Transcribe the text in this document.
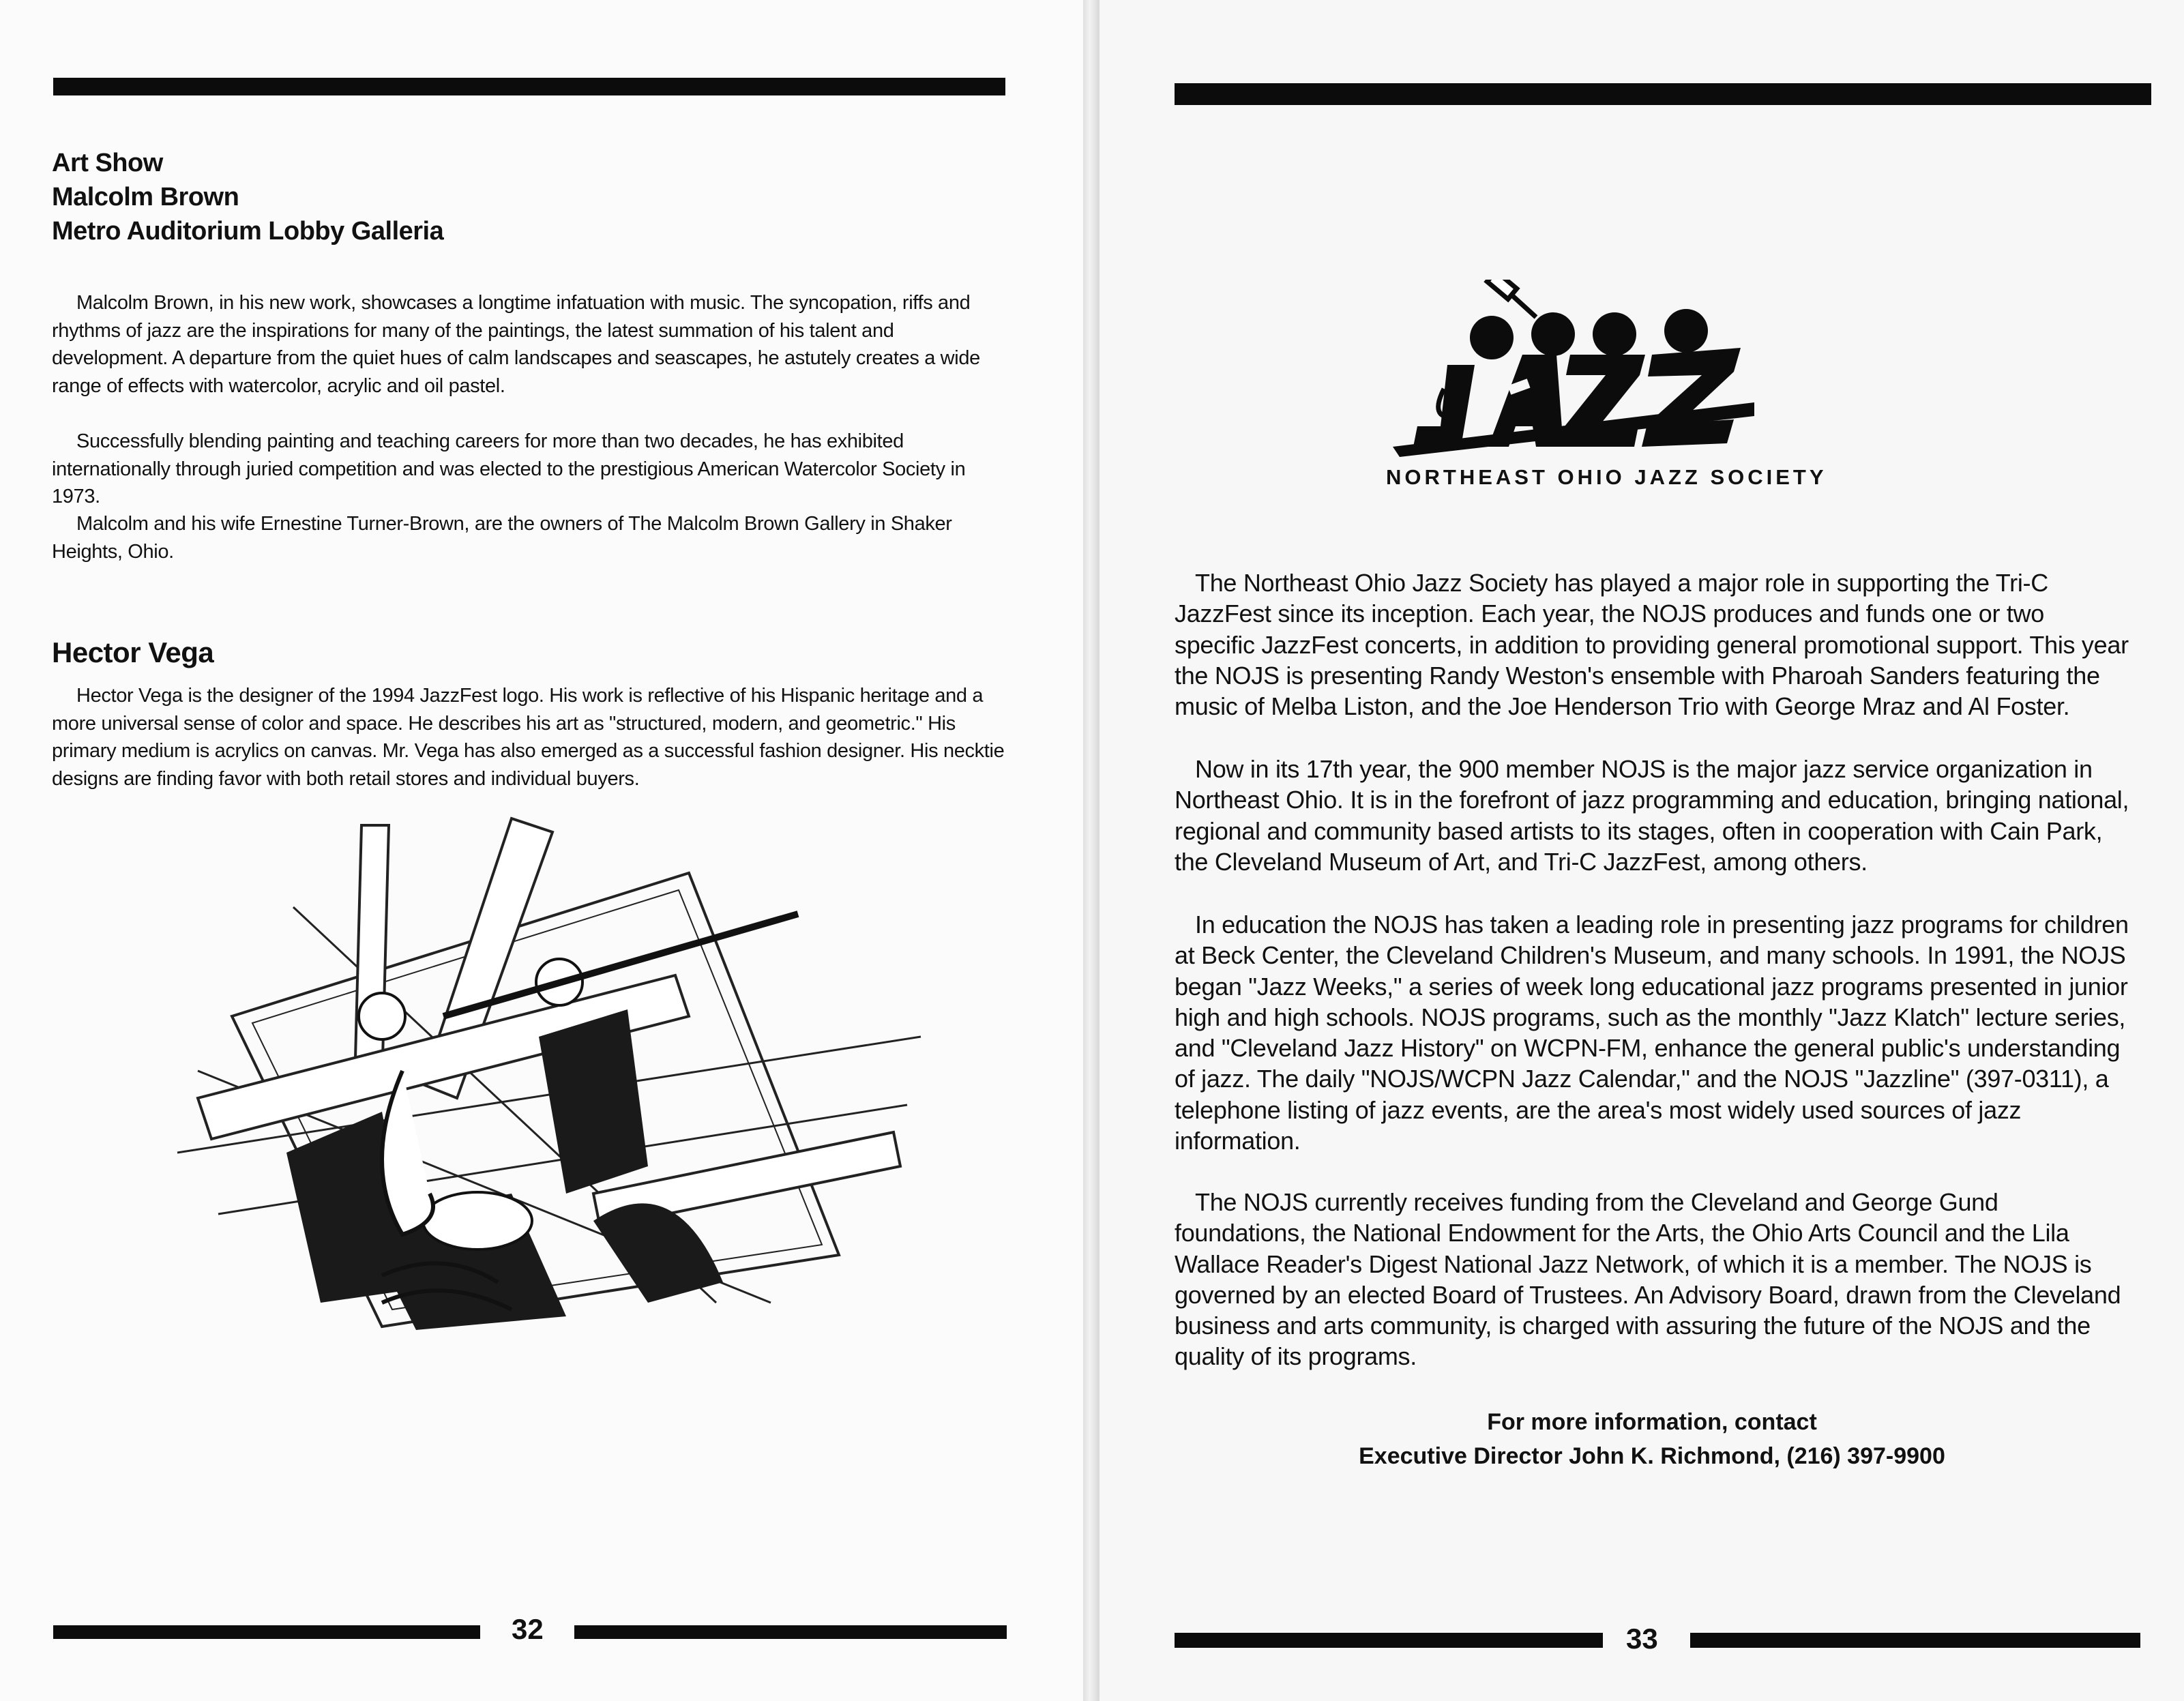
Art Show
Malcolm Brown
Metro Auditorium Lobby Galleria

Malcolm Brown, in his new work, showcases a longtime infatuation with music. The syncopation, riffs and rhythms of jazz are the inspirations for many of the paintings, the latest summation of his talent and development. A departure from the quiet hues of calm landscapes and seascapes, he astutely creates a wide range of effects with watercolor, acrylic and oil pastel.

Successfully blending painting and teaching careers for more than two decades, he has exhibited internationally through juried competition and was elected to the prestigious American Watercolor Society in 1973.

Malcolm and his wife Ernestine Turner-Brown, are the owners of The Malcolm Brown Gallery in Shaker Heights, Ohio.

Hector Vega

Hector Vega is the designer of the 1994 JazzFest logo. His work is reflective of his Hispanic heritage and a more universal sense of color and space. He describes his art as "structured, modern, and geometric." His primary medium is acrylics on canvas. Mr. Vega has also emerged as a successful fashion designer. His necktie designs are finding favor with both retail stores and individual buyers.

32
NORTHEAST OHIO JAZZ SOCIETY

The Northeast Ohio Jazz Society has played a major role in supporting the Tri-C JazzFest since its inception. Each year, the NOJS produces and funds one or two specific JazzFest concerts, in addition to providing general promotional support. This year the NOJS is presenting Randy Weston's ensemble with Pharoah Sanders featuring the music of Melba Liston, and the Joe Henderson Trio with George Mraz and Al Foster.

Now in its 17th year, the 900 member NOJS is the major jazz service organization in Northeast Ohio. It is in the forefront of jazz programming and education, bringing national, regional and community based artists to its stages, often in cooperation with Cain Park, the Cleveland Museum of Art, and Tri-C JazzFest, among others.

In education the NOJS has taken a leading role in presenting jazz programs for children at Beck Center, the Cleveland Children's Museum, and many schools. In 1991, the NOJS began "Jazz Weeks," a series of week long educational jazz programs presented in junior high and high schools. NOJS programs, such as the monthly "Jazz Klatch" lecture series, and "Cleveland Jazz History" on WCPN-FM, enhance the general public's understanding of jazz. The daily "NOJS/WCPN Jazz Calendar," and the NOJS "Jazzline" (397-0311), a telephone listing of jazz events, are the area's most widely used sources of jazz information.

The NOJS currently receives funding from the Cleveland and George Gund foundations, the National Endowment for the Arts, the Ohio Arts Council and the Lila Wallace Reader's Digest National Jazz Network, of which it is a member. The NOJS is governed by an elected Board of Trustees. An Advisory Board, drawn from the Cleveland business and arts community, is charged with assuring the future of the NOJS and the quality of its programs.

For more information, contact
Executive Director John K. Richmond, (216) 397-9900
33
